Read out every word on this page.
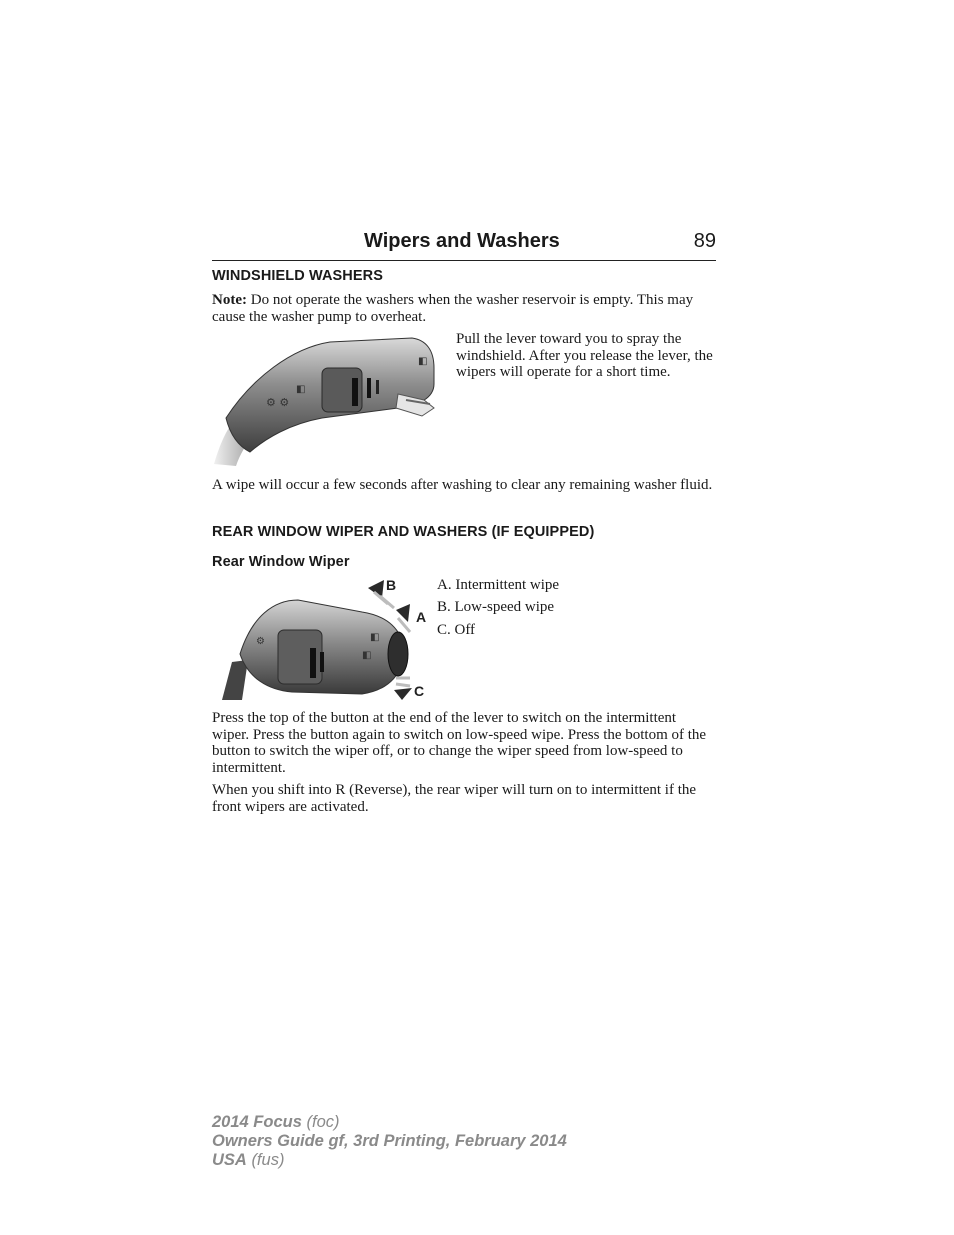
Wipers and Washers	89
WINDSHIELD WASHERS
Note: Do not operate the washers when the washer reservoir is empty. This may cause the washer pump to overheat.
⚙ ⚙
◧
◧
Pull the lever toward you to spray the windshield. After you release the lever, the wipers will operate for a short time.
A wipe will occur a few seconds after washing to clear any remaining washer fluid.
REAR WINDOW WIPER AND WASHERS (IF EQUIPPED)
Rear Window Wiper
⚙
◧
◧
B
A
C
A. Intermittent wipe
B. Low-speed wipe
C. Off
Press the top of the button at the end of the lever to switch on the intermittent wiper. Press the button again to switch on low-speed wipe. Press the bottom of the button to switch the wiper off, or to change the wiper speed from low-speed to intermittent.
When you shift into R (Reverse), the rear wiper will turn on to intermittent if the front wipers are activated.
2014 Focus (foc)
Owners Guide gf, 3rd Printing, February 2014
USA (fus)
